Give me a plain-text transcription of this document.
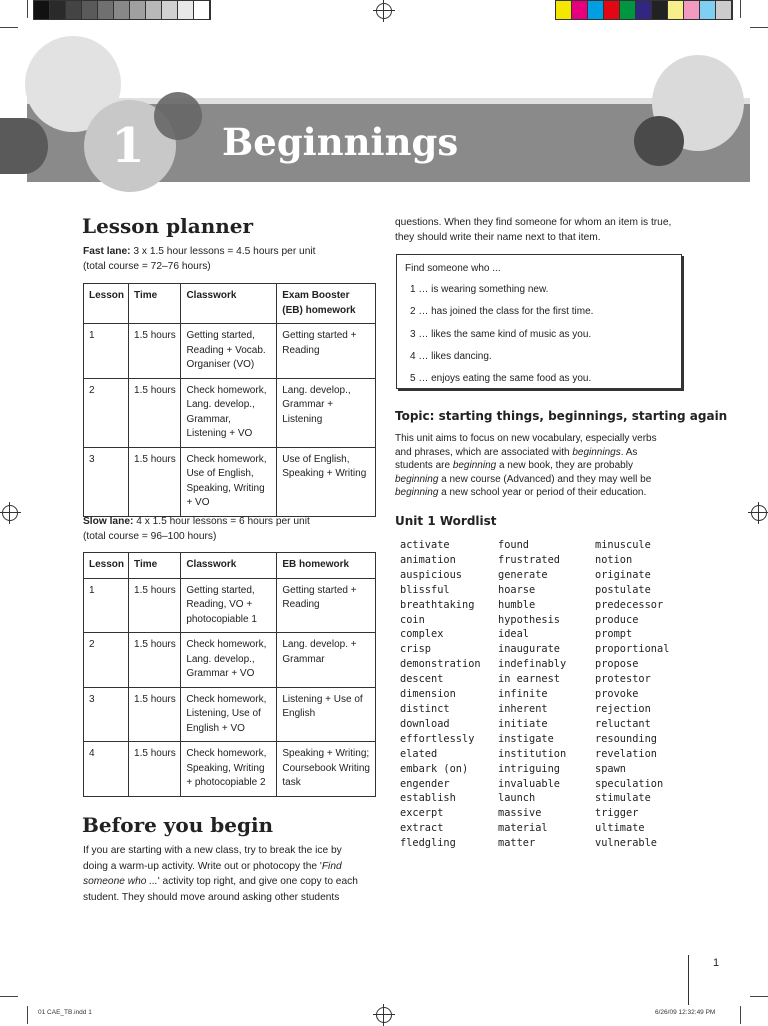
1	Beginnings
Lesson planner
Fast lane: 3 x 1.5 hour lessons = 4.5 hours per unit
(total course = 72–76 hours)
Lesson	Time	Classwork	Exam Booster (EB) homework
1	1.5 hours	Getting started, Reading + Vocab. Organiser (VO)	Getting started + Reading
2	1.5 hours	Check homework, Lang. develop., Grammar, Listening + VO	Lang. develop., Grammar + Listening
3	1.5 hours	Check homework, Use of English, Speaking, Writing + VO	Use of English, Speaking + Writing
Slow lane: 4 x 1.5 hour lessons = 6 hours per unit
(total course = 96–100 hours)
Lesson	Time	Classwork	EB homework
1	1.5 hours	Getting started, Reading, VO + photocopiable 1	Getting started + Reading
2	1.5 hours	Check homework, Lang. develop., Grammar + VO	Lang. develop. + Grammar
3	1.5 hours	Check homework, Listening, Use of English + VO	Listening + Use of English
4	1.5 hours	Check homework, Speaking, Writing + photocopiable 2	Speaking + Writing; Coursebook Writing task
Before you begin
If you are starting with a new class, try to break the ice by
doing a warm-up activity. Write out or photocopy the 'Find
someone who ...' activity top right, and give one copy to each
student. They should move around asking other students
questions. When they find someone for whom an item is true,
they should write their name next to that item.
Find someone who ...
1 … is wearing something new.
2 … has joined the class for the first time.
3 … likes the same kind of music as you.
4 … likes dancing.
5 … enjoys eating the same food as you.
Topic: starting things, beginnings, starting again
This unit aims to focus on new vocabulary, especially verbs
and phrases, which are associated with beginnings. As
students are beginning a new book, they are probably
beginning a new course (Advanced) and they may well be
beginning a new school year or period of their education.
Unit 1 Wordlist
activate
animation
auspicious
blissful
breathtaking
coin
complex
crisp
demonstration
descent
dimension
distinct
download
effortlessly
elated
embark (on)
engender
establish
excerpt
extract
fledgling
found
frustrated
generate
hoarse
humble
hypothesis
ideal
inaugurate
indefinably
in earnest
infinite
inherent
initiate
instigate
institution
intriguing
invaluable
launch
massive
material
matter
minuscule
notion
originate
postulate
predecessor
produce
prompt
proportional
propose
protestor
provoke
rejection
reluctant
resounding
revelation
spawn
speculation
stimulate
trigger
ultimate
vulnerable
1
01 CAE_TB.indd 1	6/26/09 12:32:49 PM
